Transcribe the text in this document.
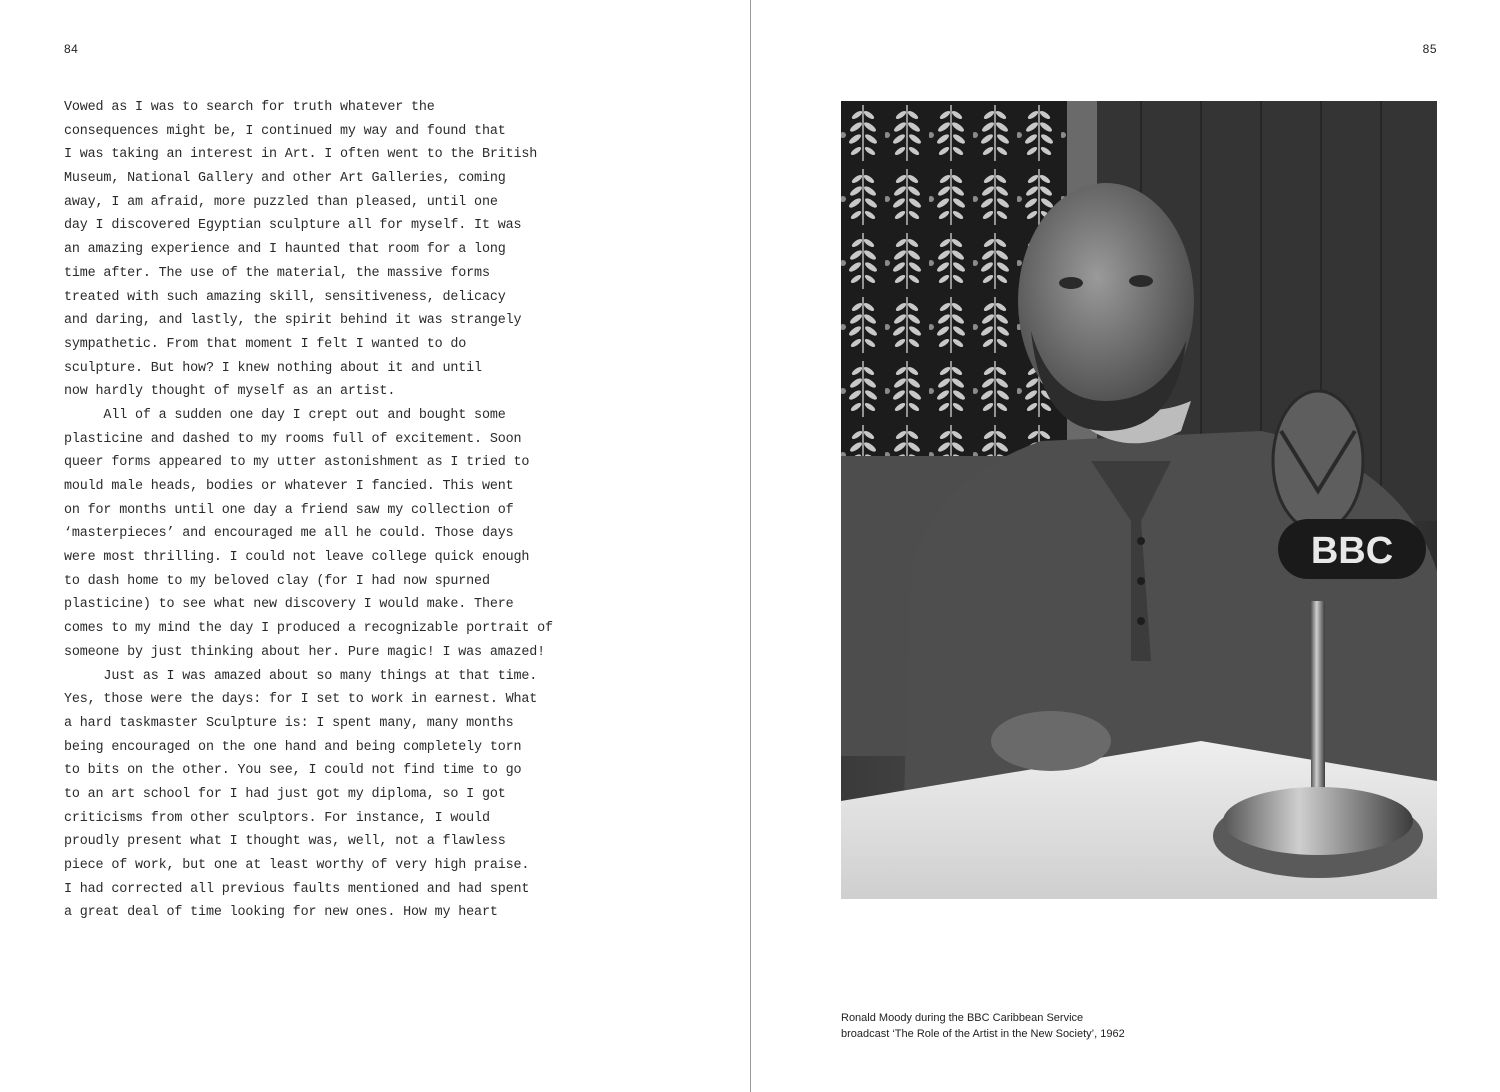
84
Vowed as I was to search for truth whatever the
consequences might be, I continued my way and found that
I was taking an interest in Art. I often went to the British
Museum, National Gallery and other Art Galleries, coming
away, I am afraid, more puzzled than pleased, until one
day I discovered Egyptian sculpture all for myself. It was
an amazing experience and I haunted that room for a long
time after. The use of the material, the massive forms
treated with such amazing skill, sensitiveness, delicacy
and daring, and lastly, the spirit behind it was strangely
sympathetic. From that moment I felt I wanted to do
sculpture. But how? I knew nothing about it and until
now hardly thought of myself as an artist.
All of a sudden one day I crept out and bought some
plasticine and dashed to my rooms full of excitement. Soon
queer forms appeared to my utter astonishment as I tried to
mould male heads, bodies or whatever I fancied. This went
on for months until one day a friend saw my collection of
‘masterpieces’ and encouraged me all he could. Those days
were most thrilling. I could not leave college quick enough
to dash home to my beloved clay (for I had now spurned
plasticine) to see what new discovery I would make. There
comes to my mind the day I produced a recognizable portrait of
someone by just thinking about her. Pure magic! I was amazed!
Just as I was amazed about so many things at that time.
Yes, those were the days: for I set to work in earnest. What
a hard taskmaster Sculpture is: I spent many, many months
being encouraged on the one hand and being completely torn
to bits on the other. You see, I could not find time to go
to an art school for I had just got my diploma, so I got
criticisms from other sculptors. For instance, I would
proudly present what I thought was, well, not a flawless
piece of work, but one at least worthy of very high praise.
I had corrected all previous faults mentioned and had spent
a great deal of time looking for new ones. How my heart
85
BBC
Ronald Moody during the BBC Caribbean Service
broadcast ‘The Role of the Artist in the New Society’, 1962
